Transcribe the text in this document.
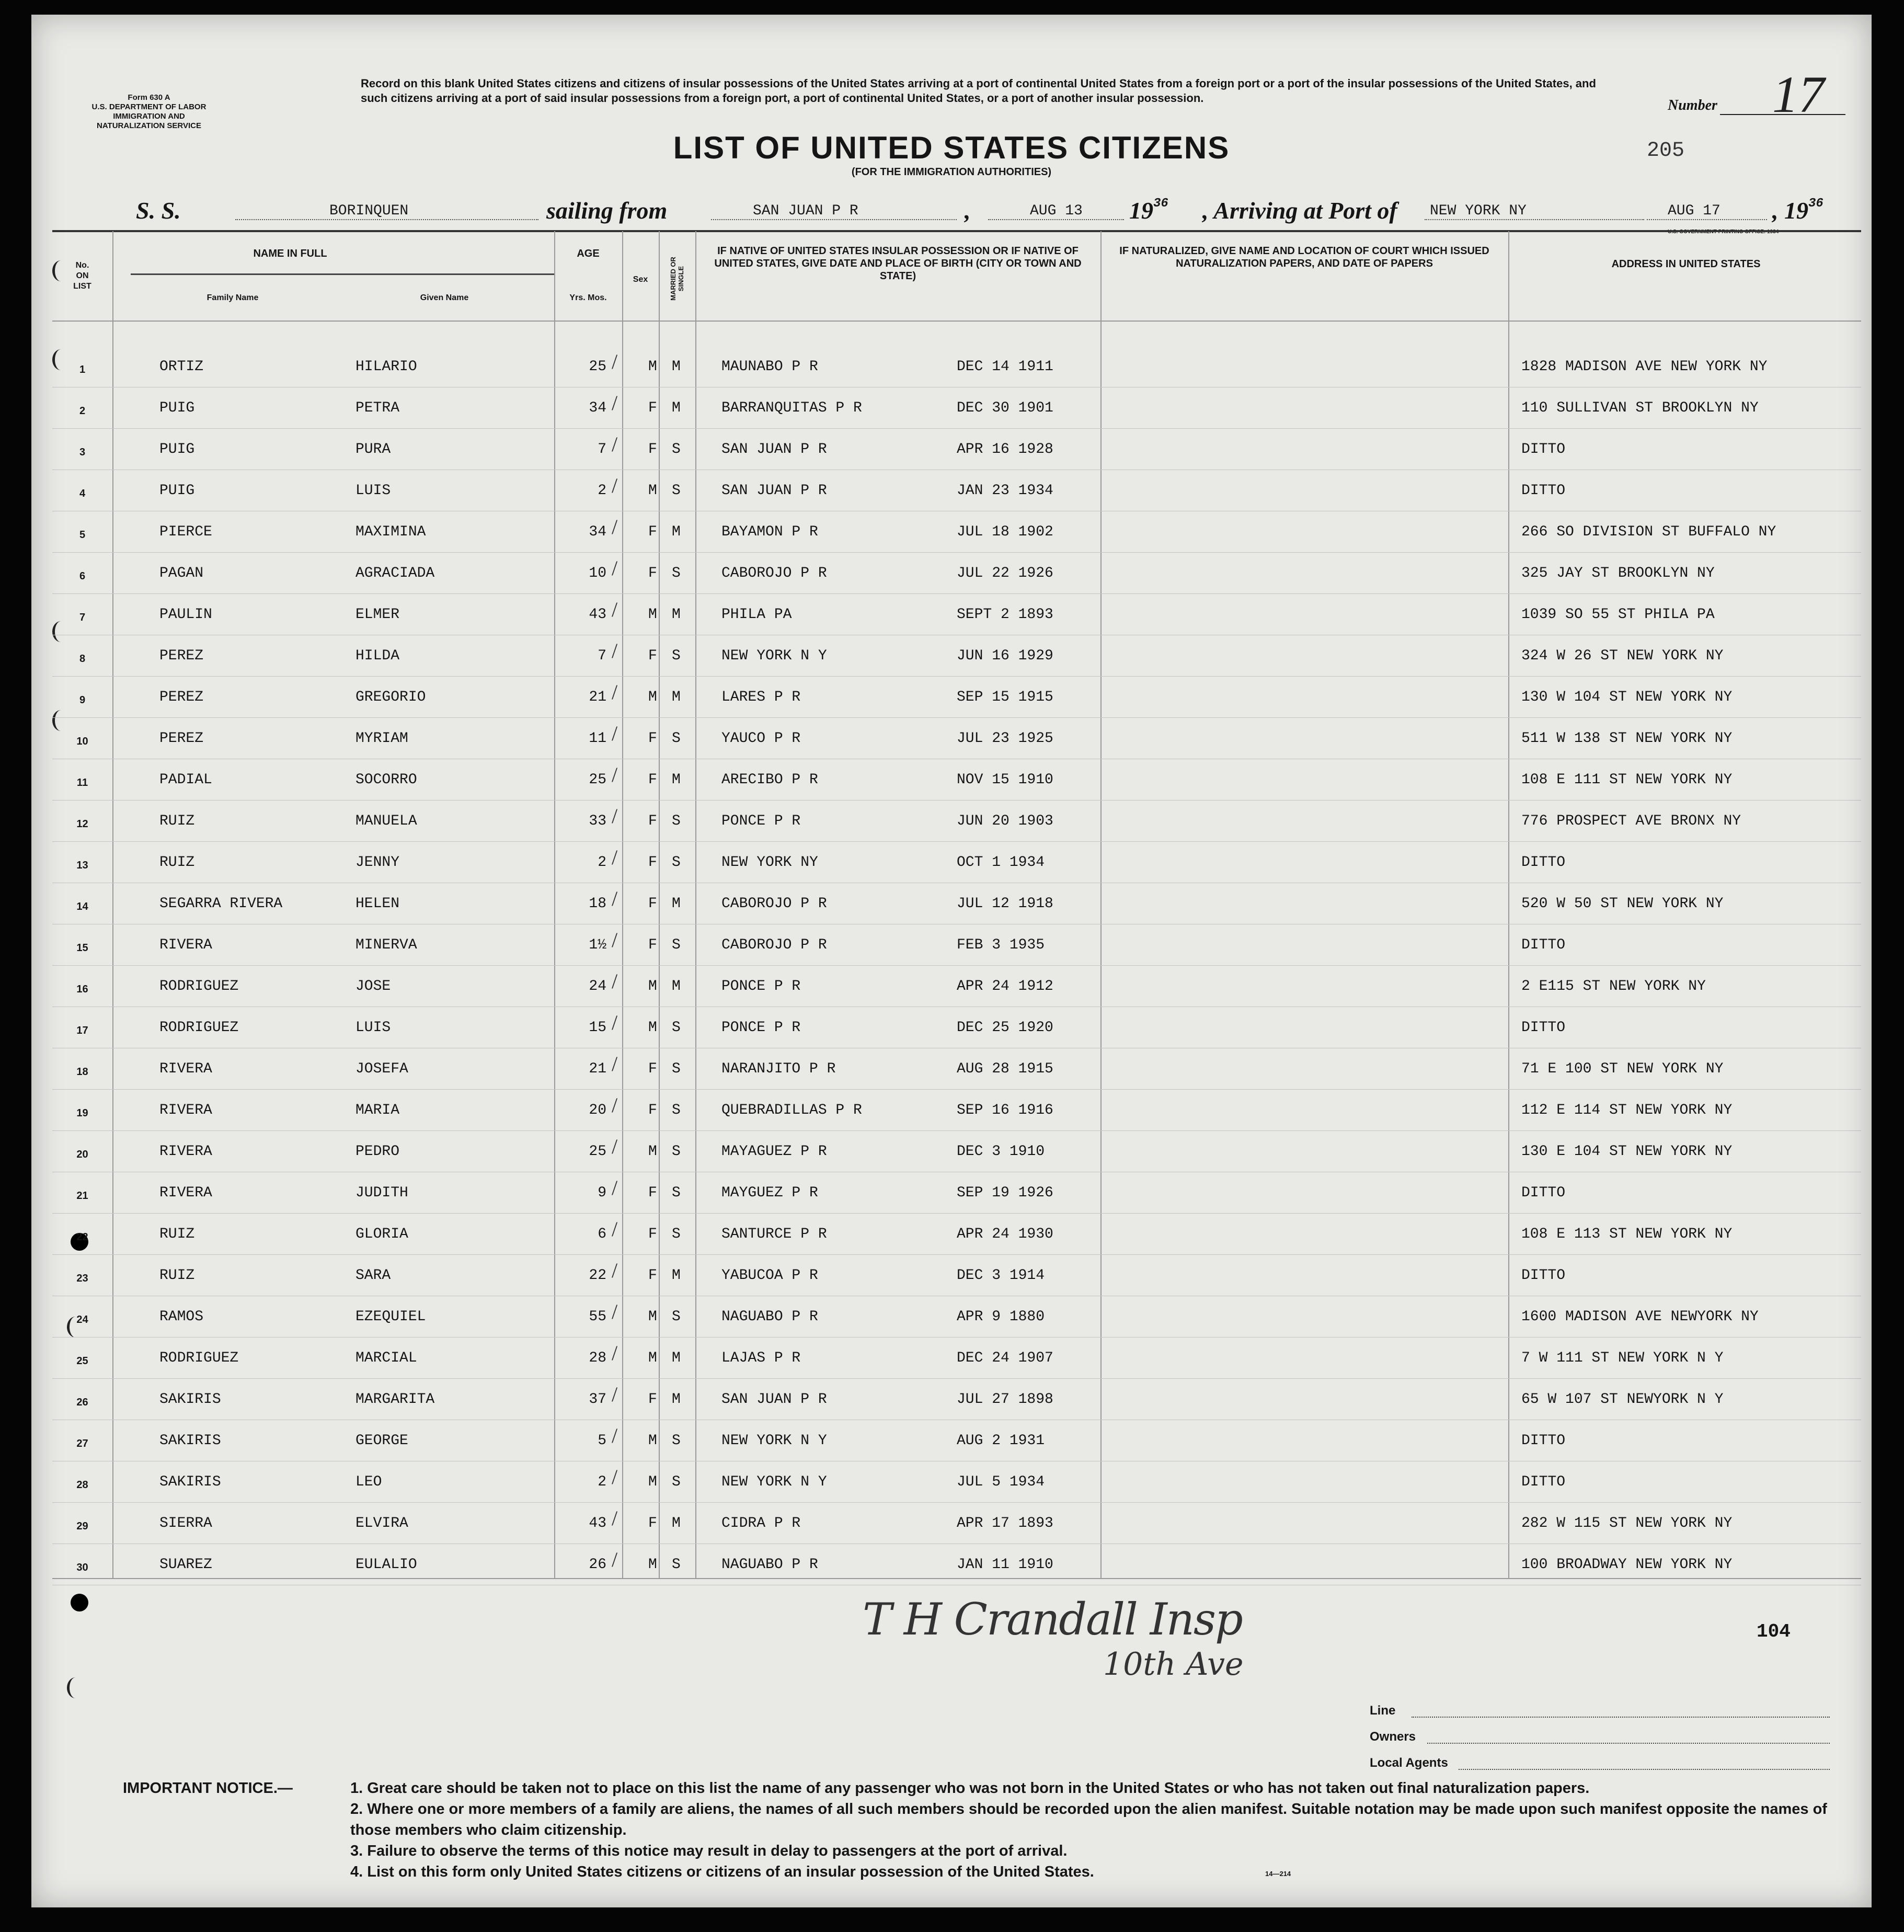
Form 630 A
U.S. DEPARTMENT OF LABOR
IMMIGRATION AND
NATURALIZATION SERVICE
Record on this blank United States citizens and citizens of insular possessions of the United States arriving at a port of continental United States from a foreign port or a port of the insular possessions of the United States, and such citizens arriving at a port of said insular possessions from a foreign port, a port of continental United States, or a port of another insular possession.	Number 17
LIST OF UNITED STATES CITIZENS
(FOR THE IMMIGRATION AUTHORITIES)
205
S. S.	BORINQUEN	sailing from	SAN JUAN P R	,	AUG 13	$19^{36}$ , Arriving at Port of	NEW YORK NY	AUG 17	, $19^{36}$
No.
ON
LIST
NAME IN FULL
Family Name	Given Name
AGE
Yrs. Mos.
Sex	MARRIED OR SINGLE
IF NATIVE OF UNITED STATES INSULAR POSSESSION OR IF NATIVE OF UNITED STATES, GIVE DATE AND PLACE OF BIRTH (CITY OR TOWN AND STATE)
IF NATURALIZED, GIVE NAME AND LOCATION OF COURT WHICH ISSUED NATURALIZATION PAPERS, AND DATE OF PAPERS	ADDRESS IN UNITED STATES
1	ORTIZ	HILARIO	25	M M	MAUNABO P R	DEC 14 1911	1828 MADISON AVE NEW YORK NY
/
2	PUIG	PETRA	34	F M	BARRANQUITAS P R	DEC 30 1901	110 SULLIVAN ST BROOKLYN NY
/
3	PUIG	PURA	7	F S	SAN JUAN P R	APR 16 1928	DITTO
/
4	PUIG	LUIS	2	M S	SAN JUAN P R	JAN 23 1934	DITTO
/
5	PIERCE	MAXIMINA	34	F M	BAYAMON P R	JUL 18 1902	266 SO DIVISION ST BUFFALO NY
/
6	PAGAN	AGRACIADA	10	F S	CABOROJO P R	JUL 22 1926	325 JAY ST BROOKLYN NY
/
7	PAULIN	ELMER	43	M M	PHILA PA	SEPT 2 1893	1039 SO 55 ST PHILA PA
/
8	PEREZ	HILDA	7	F S	NEW YORK N Y	JUN 16 1929	324 W 26 ST NEW YORK NY
/
9	PEREZ	GREGORIO	21	M M	LARES P R	SEP 15 1915	130 W 104 ST NEW YORK NY
/
10	PEREZ	MYRIAM	11	F S	YAUCO P R	JUL 23 1925	511 W 138 ST NEW YORK NY
/
11	PADIAL	SOCORRO	25	F M	ARECIBO P R	NOV 15 1910	108 E 111 ST NEW YORK NY
/
12	RUIZ	MANUELA	33	F S	PONCE P R	JUN 20 1903	776 PROSPECT AVE BRONX NY
/
13	RUIZ	JENNY	2	F S	NEW YORK NY	OCT 1 1934	DITTO
/
14	SEGARRA RIVERA	HELEN	18	F M	CABOROJO P R	JUL 12 1918	520 W 50 ST NEW YORK NY
/
15	RIVERA	MINERVA	1½	F S	CABOROJO P R	FEB 3 1935	DITTO
/
16	RODRIGUEZ	JOSE	24	M M	PONCE P R	APR 24 1912	2 E115 ST NEW YORK NY
/
17	RODRIGUEZ	LUIS	15	M S	PONCE P R	DEC 25 1920	DITTO
/
18	RIVERA	JOSEFA	21	F S	NARANJITO P R	AUG 28 1915	71 E 100 ST NEW YORK NY
/
19	RIVERA	MARIA	20	F S	QUEBRADILLAS P R	SEP 16 1916	112 E 114 ST NEW YORK NY
/
20	RIVERA	PEDRO	25	M S	MAYAGUEZ P R	DEC 3 1910	130 E 104 ST NEW YORK NY
/
21	RIVERA	JUDITH	9	F S	MAYGUEZ P R	SEP 19 1926	DITTO
/
22	RUIZ	GLORIA	6	F S	SANTURCE P R	APR 24 1930	108 E 113 ST NEW YORK NY
/
23	RUIZ	SARA	22	F M	YABUCOA P R	DEC 3 1914	DITTO
/
24	RAMOS	EZEQUIEL	55	M S	NAGUABO P R	APR 9 1880	1600 MADISON AVE NEWYORK NY
/
25	RODRIGUEZ	MARCIAL	28	M M	LAJAS P R	DEC 24 1907	7 W 111 ST NEW YORK N Y
/
26	SAKIRIS	MARGARITA	37	F M	SAN JUAN P R	JUL 27 1898	65 W 107 ST NEWYORK N Y
/
27	SAKIRIS	GEORGE	5	M S	NEW YORK N Y	AUG 2 1931	DITTO
/
28	SAKIRIS	LEO	2	M S	NEW YORK N Y	JUL 5 1934	DITTO
/
29	SIERRA	ELVIRA	43	F M	CIDRA P R	APR 17 1893	282 W 115 ST NEW YORK NY
/
30	SUAREZ	EULALIO	26	M S	NAGUABO P R	JAN 11 1910	100 BROADWAY NEW YORK NY
/
T H Crandall Insp
10th Ave
104
Line
Owners
Local Agents
IMPORTANT NOTICE.—	1. Great care should be taken not to place on this list the name of any passenger who was not born in the United States or who has not taken out final naturalization papers.
2. Where one or more members of a family are aliens, the names of all such members should be recorded upon the alien manifest. Suitable notation may be made upon such manifest opposite the names of those members who claim citizenship.
3. Failure to observe the terms of this notice may result in delay to passengers at the port of arrival.
4. List on this form only United States citizens or citizens of an insular possession of the United States.	14—214
